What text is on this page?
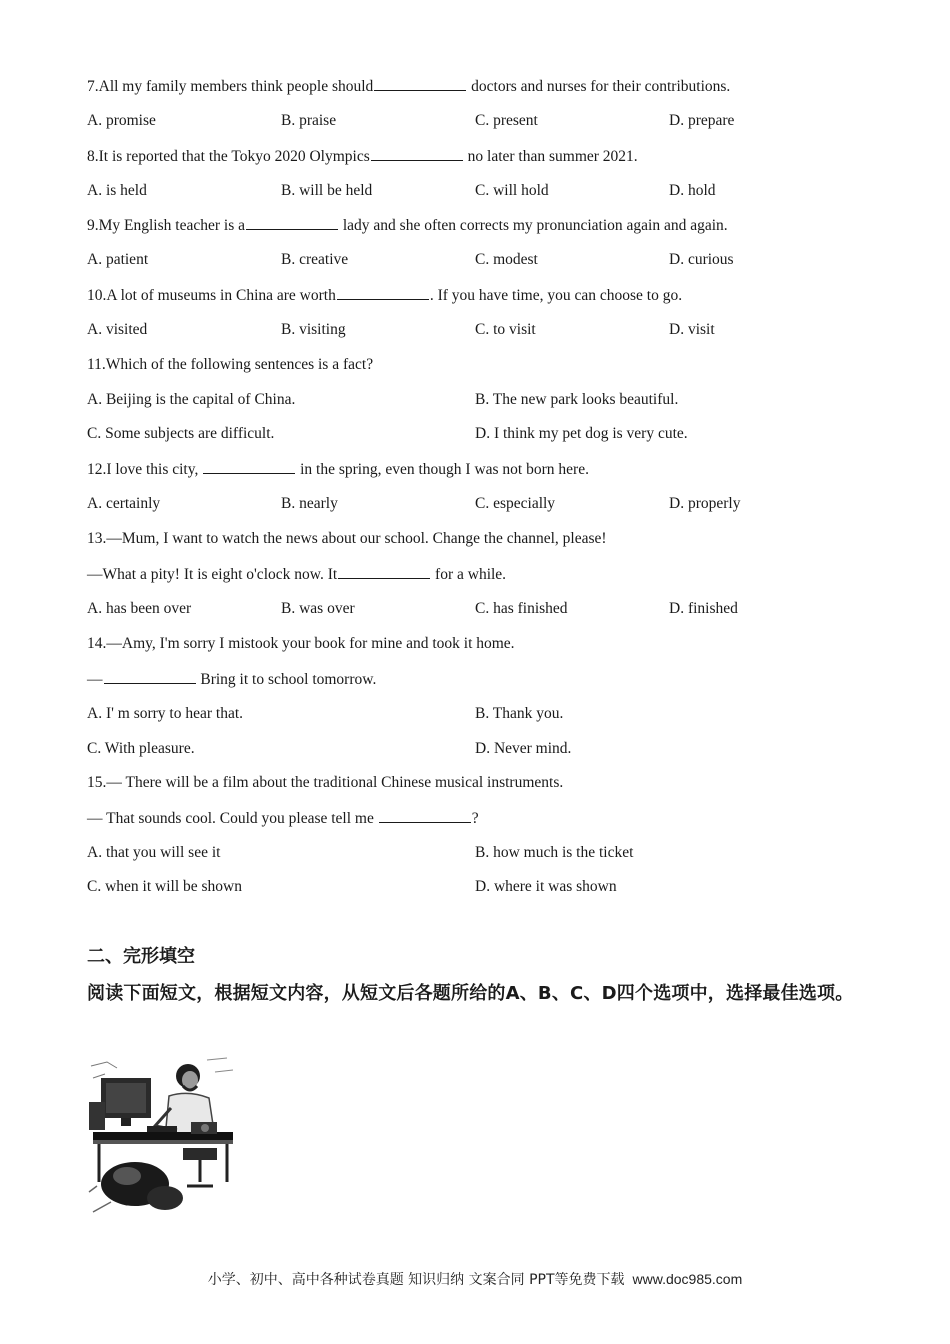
7.All my family members think people should	doctors and nurses for their contributions.
A. promise	B. praise	C. present	D. prepare
8.It is reported that the Tokyo 2020 Olympics	no later than summer 2021.
A. is held	B. will be held	C. will hold	D. hold
9.My English teacher is a	lady and she often corrects my pronunciation again and again.
A. patient	B. creative	C. modest	D. curious
10.A lot of museums in China are worth	. If you have time, you can choose to go.
A. visited	B. visiting	C. to visit	D. visit
11.Which of the following sentences is a fact?
A. Beijing is the capital of China.	B. The new park looks beautiful.
C. Some subjects are difficult.	D. I think my pet dog is very cute.
12.I love this city,	in the spring, even though I was not born here.
A. certainly	B. nearly	C. especially	D. properly
13.—Mum, I want to watch the news about our school. Change the channel, please!
—What a pity! It is eight o'clock now. It	for a while.
A. has been over	B. was over	C. has finished	D. finished
14.—Amy, I'm sorry I mistook your book for mine and took it home.
—	Bring it to school tomorrow.
A. I' m sorry to hear that.	B. Thank you.
C. With pleasure.	D. Never mind.
15.— There will be a film about the traditional Chinese musical instruments.
— That sounds cool. Could you please tell me	?
A. that you will see it	B. how much is the ticket
C. when it will be shown	D. where it was shown
二、完形填空
阅读下面短文，根据短文内容，从短文后各题所给的A、B、C、D四个选项中，选择最佳选项。
小学、初中、高中各种试卷真题 知识归纳 文案合同 PPT等免费下载 www.doc985.com
